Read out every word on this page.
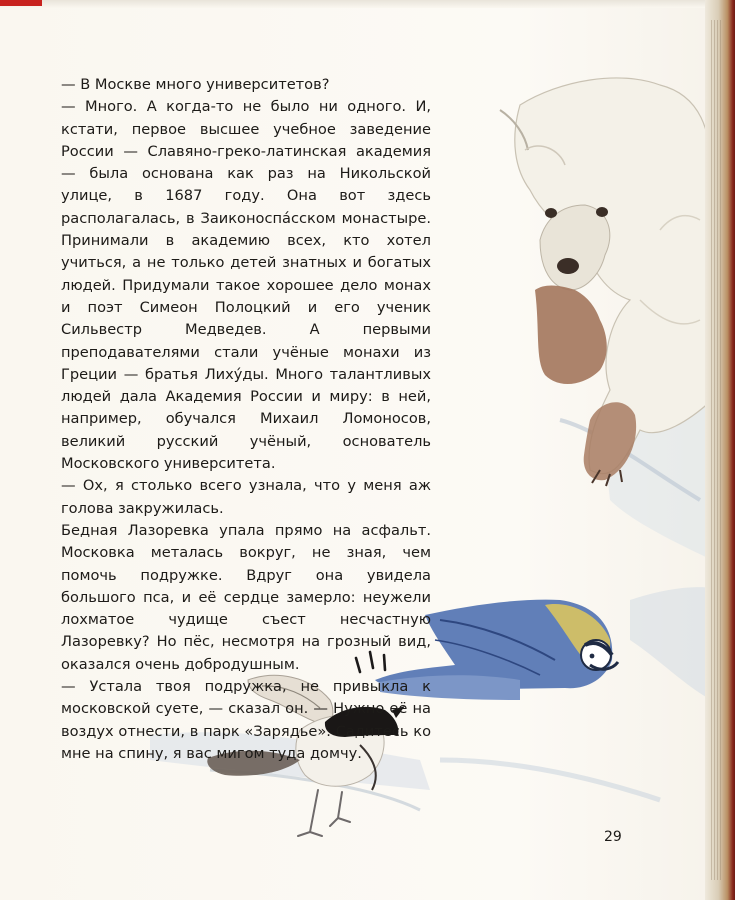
— В Москве много университетов?

— Много. А когда-то не было ни одного. И, кстати, первое высшее учебное заведение России — Славяно-греко-латинская академия — была основана как раз на Никольской улице, в 1687 году. Она вот здесь располагалась, в Заиконоспáсском монастыре. Принимали в академию всех, кто хотел учиться, а не только детей знатных и богатых людей. Придумали такое хорошее дело монах и поэт Симеон Полоцкий и его ученик Сильвестр Медведев. А первыми преподавателями стали учёные монахи из Греции — братья Лихýды. Много талантливых людей дала Академия России и миру: в ней, например, обучался Михаил Ломоносов, великий русский учёный, основатель Московского университета.

— Ох, я столько всего узнала, что у меня аж голова закружилась.

Бедная Лазоревка упала прямо на асфальт. Московка металась вокруг, не зная, чем помочь подружке. Вдруг она увидела большого пса, и её сердце замерло: неужели лохматое чудище съест несчастную Лазоревку? Но пёс, несмотря на грозный вид, оказался очень добродушным.

— Устала твоя подружка, не привыкла к московской суете, — сказал он. — Нужно её на воздух отнести, в парк «Зарядье». Садитесь ко мне на спину, я вас мигом туда домчу.

29
